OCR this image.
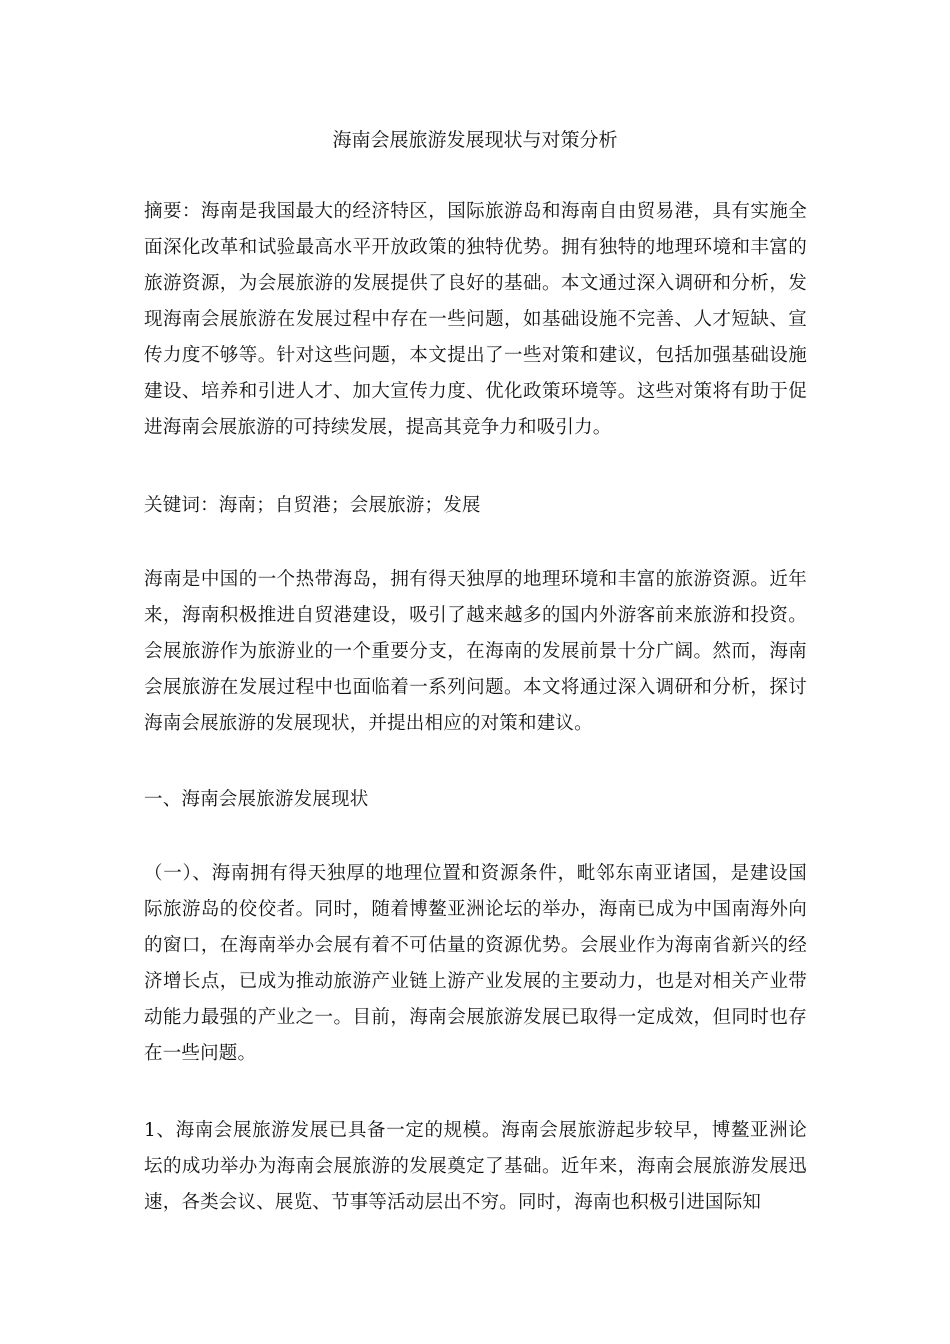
海南会展旅游发展现状与对策分析

摘要：海南是我国最大的经济特区，国际旅游岛和海南自由贸易港，具有实施全面深化改革和试验最高水平开放政策的独特优势。拥有独特的地理环境和丰富的旅游资源，为会展旅游的发展提供了良好的基础。本文通过深入调研和分析，发现海南会展旅游在发展过程中存在一些问题，如基础设施不完善、人才短缺、宣传力度不够等。针对这些问题，本文提出了一些对策和建议，包括加强基础设施建设、培养和引进人才、加大宣传力度、优化政策环境等。这些对策将有助于促进海南会展旅游的可持续发展，提高其竞争力和吸引力。

关键词：海南；自贸港；会展旅游；发展

海南是中国的一个热带海岛，拥有得天独厚的地理环境和丰富的旅游资源。近年来，海南积极推进自贸港建设，吸引了越来越多的国内外游客前来旅游和投资。会展旅游作为旅游业的一个重要分支，在海南的发展前景十分广阔。然而，海南会展旅游在发展过程中也面临着一系列问题。本文将通过深入调研和分析，探讨海南会展旅游的发展现状，并提出相应的对策和建议。

一、海南会展旅游发展现状

（一）、海南拥有得天独厚的地理位置和资源条件，毗邻东南亚诸国，是建设国际旅游岛的佼佼者。同时，随着博鳌亚洲论坛的举办，海南已成为中国南海外向的窗口，在海南举办会展有着不可估量的资源优势。会展业作为海南省新兴的经济增长点，已成为推动旅游产业链上游产业发展的主要动力，也是对相关产业带动能力最强的产业之一。目前，海南会展旅游发展已取得一定成效，但同时也存在一些问题。

1、海南会展旅游发展已具备一定的规模。海南会展旅游起步较早，博鳌亚洲论坛的成功举办为海南会展旅游的发展奠定了基础。近年来，海南会展旅游发展迅速，各类会议、展览、节事等活动层出不穷。同时，海南也积极引进国际知
